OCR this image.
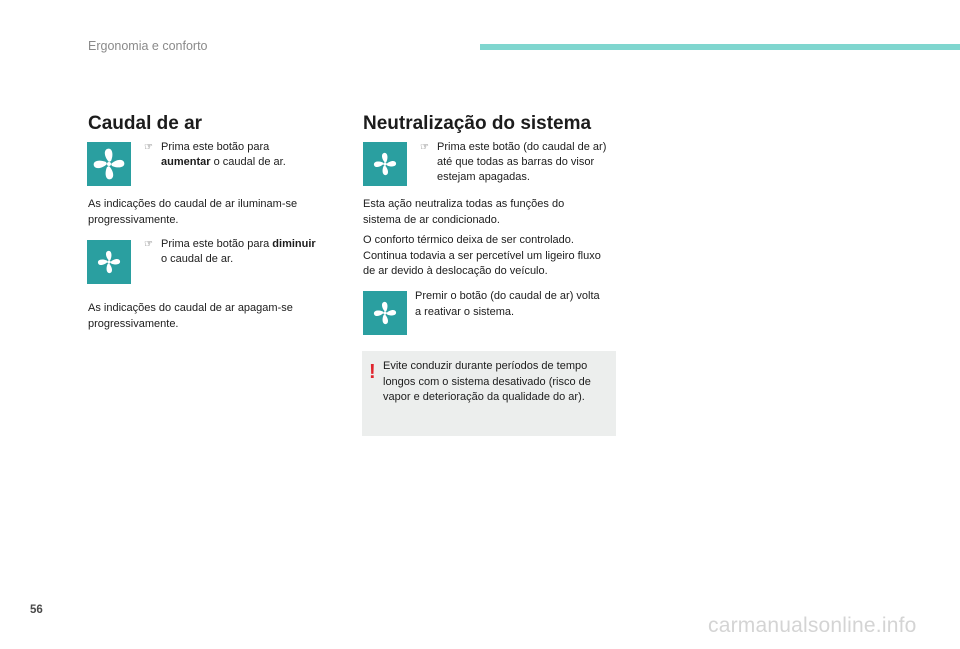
Ergonomia e conforto
Caudal de ar
☞ Prima este botão para
aumentar o caudal de ar.
As indicações do caudal de ar iluminam-se progressivamente.
☞ Prima este botão para diminuir
o caudal de ar.
As indicações do caudal de ar apagam-se progressivamente.
Neutralização do sistema
☞ Prima este botão (do caudal de ar) até que todas as barras do visor estejam apagadas.
Esta ação neutraliza todas as funções do sistema de ar condicionado.
O conforto térmico deixa de ser controlado. Continua todavia a ser percetível um ligeiro fluxo de ar devido à deslocação do veículo.
Premir o botão (do caudal de ar) volta a reativar o sistema.
! Evite conduzir durante períodos de tempo longos com o sistema desativado (risco de vapor e deterioração da qualidade do ar).
56
carmanualsonline.info
